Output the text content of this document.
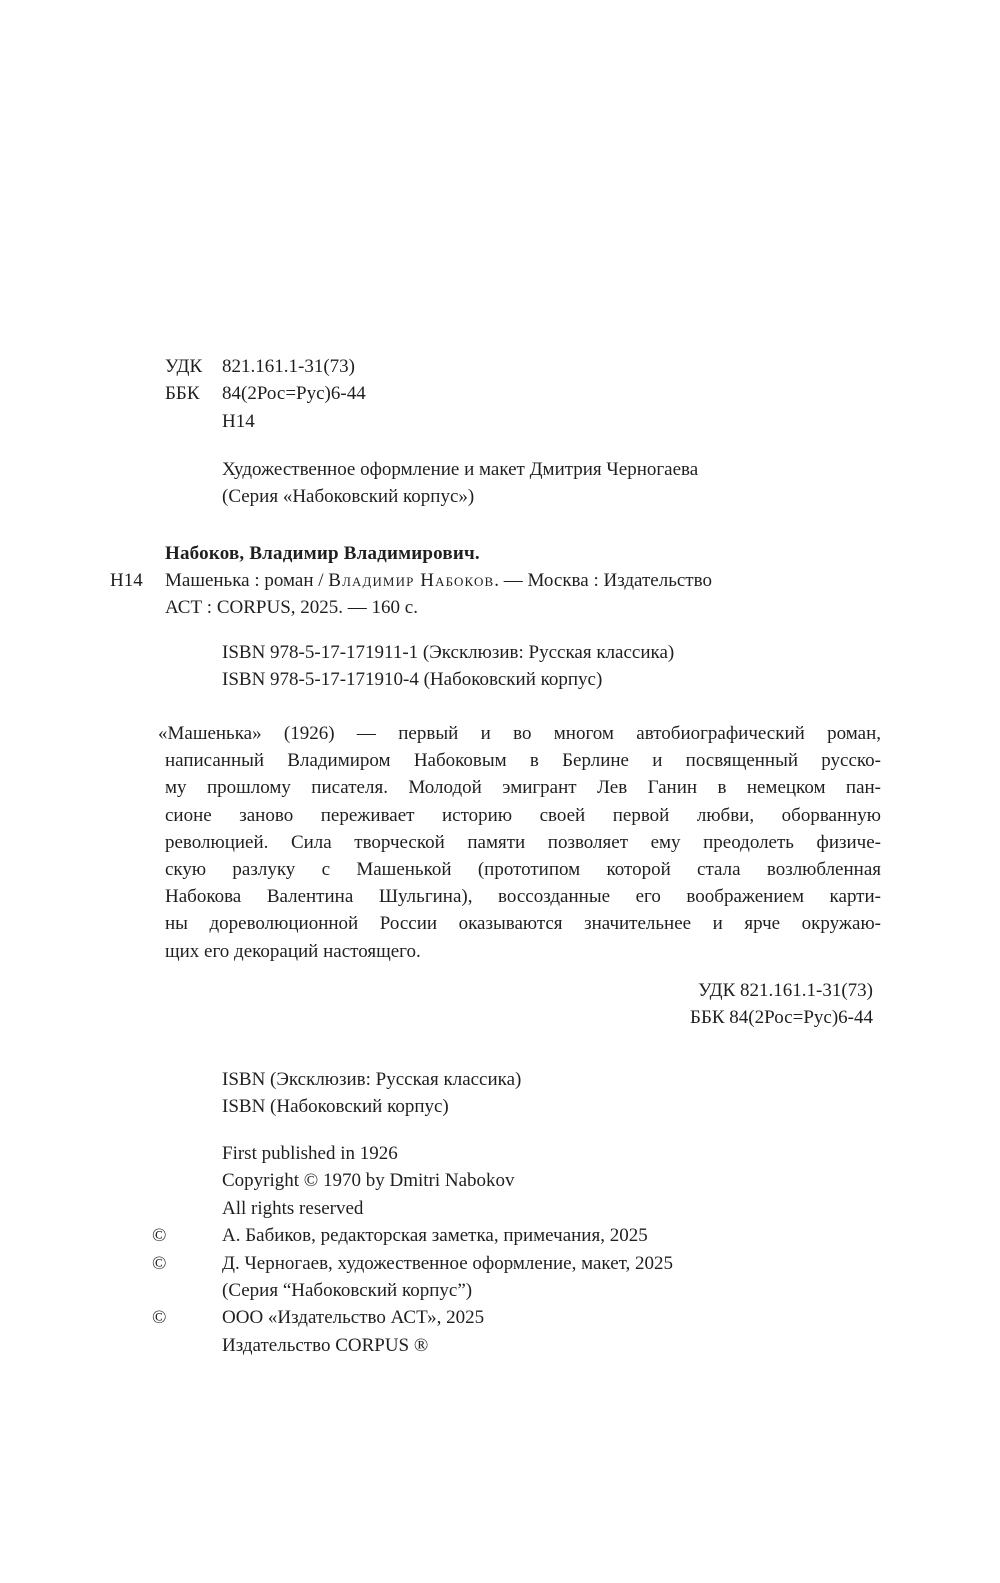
УДК	821.161.1-31(73)
ББК	84(2Рос=Рус)6-44
Н14
Художественное оформление и макет Дмитрия Черногаева
(Серия «Набоковский корпус»)
Набоков, Владимир Владимирович.
Н14 Машенька : роман / Владимир Набоков. — Москва : Издательство
АСТ : CORPUS, 2025. — 160 с.
ISBN 978-5-17-171911-1 (Эксклюзив: Русская классика)
ISBN 978-5-17-171910-4 (Набоковский корпус)
«Машенька» (1926) — первый и во многом автобиографический роман,
написанный Владимиром Набоковым в Берлине и посвященный русско-
му прошлому писателя. Молодой эмигрант Лев Ганин в немецком пан-
сионе заново переживает историю своей первой любви, оборванную
революцией. Сила творческой памяти позволяет ему преодолеть физиче-
скую разлуку с Машенькой (прототипом которой стала возлюбленная
Набокова Валентина Шульгина), воссозданные его воображением карти-
ны дореволюционной России оказываются значительнее и ярче окружаю-
щих его декораций настоящего.
УДК 821.161.1-31(73)
ББК 84(2Рос=Рус)6-44
ISBN (Эксклюзив: Русская классика)
ISBN (Набоковский корпус)
First published in 1926
Copyright © 1970 by Dmitri Nabokov
All rights reserved
©	А. Бабиков, редакторская заметка, примечания, 2025
©	Д. Черногаев, художественное оформление, макет, 2025
(Серия “Набоковский корпус”)
©	ООО «Издательство АСТ», 2025
Издательство CORPUS ®
